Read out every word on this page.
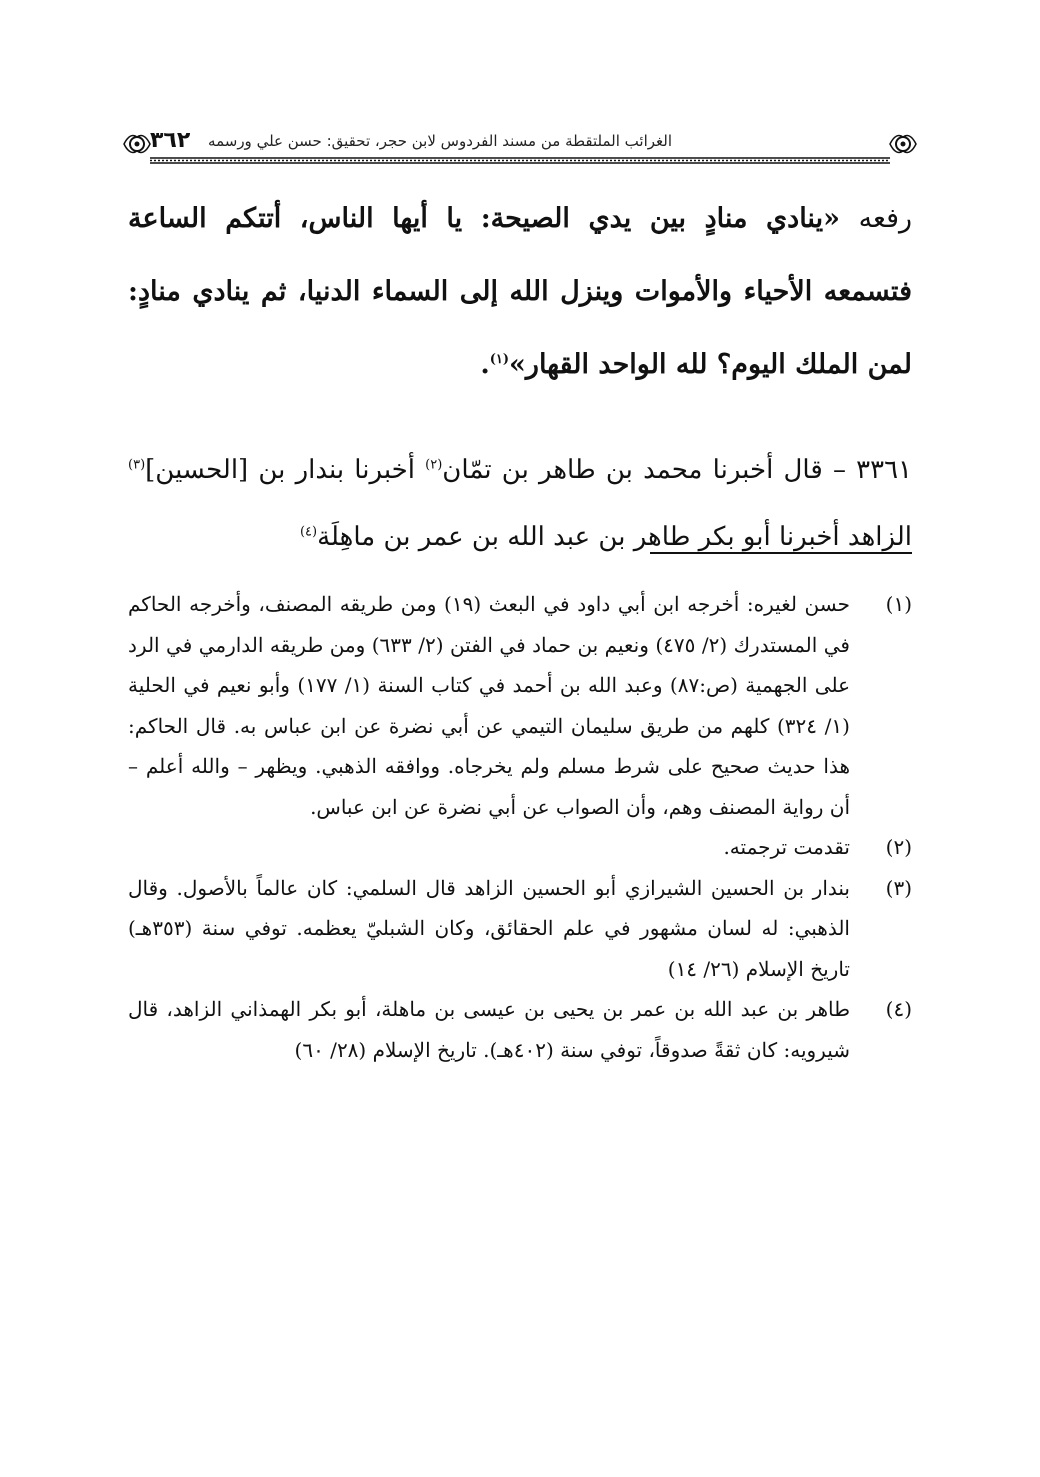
٣٦٢ الغرائب الملتقطة من مسند الفردوس لابن حجر، تحقيق: حسن علي ورسمه

رفعه «ينادي منادٍ بين يدي الصيحة: يا أيها الناس، أتتكم الساعة فتسمعه الأحياء والأموات وينزل الله إلى السماء الدنيا، ثم ينادي منادٍ: لمن الملك اليوم؟ لله الواحد القهار»$^{(١)}$.

٣٣٦١ – قال أخبرنا محمد بن طاهر بن تمّان$^{(٢)}$ أخبرنا بندار بن [الحسين]$^{(٣)}$ الزاهد أخبرنا أبو بكر طاهر بن عبد الله بن عمر بن ماهِلَة$^{(٤)}$

(١)
حسن لغيره: أخرجه ابن أبي داود في البعث (١٩) ومن طريقه المصنف، وأخرجه الحاكم في المستدرك (٢/ ٤٧٥) ونعيم بن حماد في الفتن (٢/ ٦٣٣) ومن طريقه الدارمي في الرد على الجهمية (ص:٨٧) وعبد الله بن أحمد في كتاب السنة (١/ ١٧٧) وأبو نعيم في الحلية (١/ ٣٢٤) كلهم من طريق سليمان التيمي عن أبي نضرة عن ابن عباس به. قال الحاكم: هذا حديث صحيح على شرط مسلم ولم يخرجاه. ووافقه الذهبي. ويظهر – والله أعلم – أن رواية المصنف وهم، وأن الصواب عن أبي نضرة عن ابن عباس.
(٢)
تقدمت ترجمته.
(٣)
بندار بن الحسين الشيرازي أبو الحسين الزاهد قال السلمي: كان عالماً بالأصول. وقال الذهبي: له لسان مشهور في علم الحقائق، وكان الشبليّ يعظمه. توفي سنة (٣٥٣هـ) تاريخ الإسلام (٢٦/ ١٤)
(٤)
طاهر بن عبد الله بن عمر بن يحيى بن عيسى بن ماهلة، أبو بكر الهمذاني الزاهد، قال شيرويه: كان ثقةً صدوقاً، توفي سنة (٤٠٢هـ). تاريخ الإسلام (٢٨/ ٦٠)
